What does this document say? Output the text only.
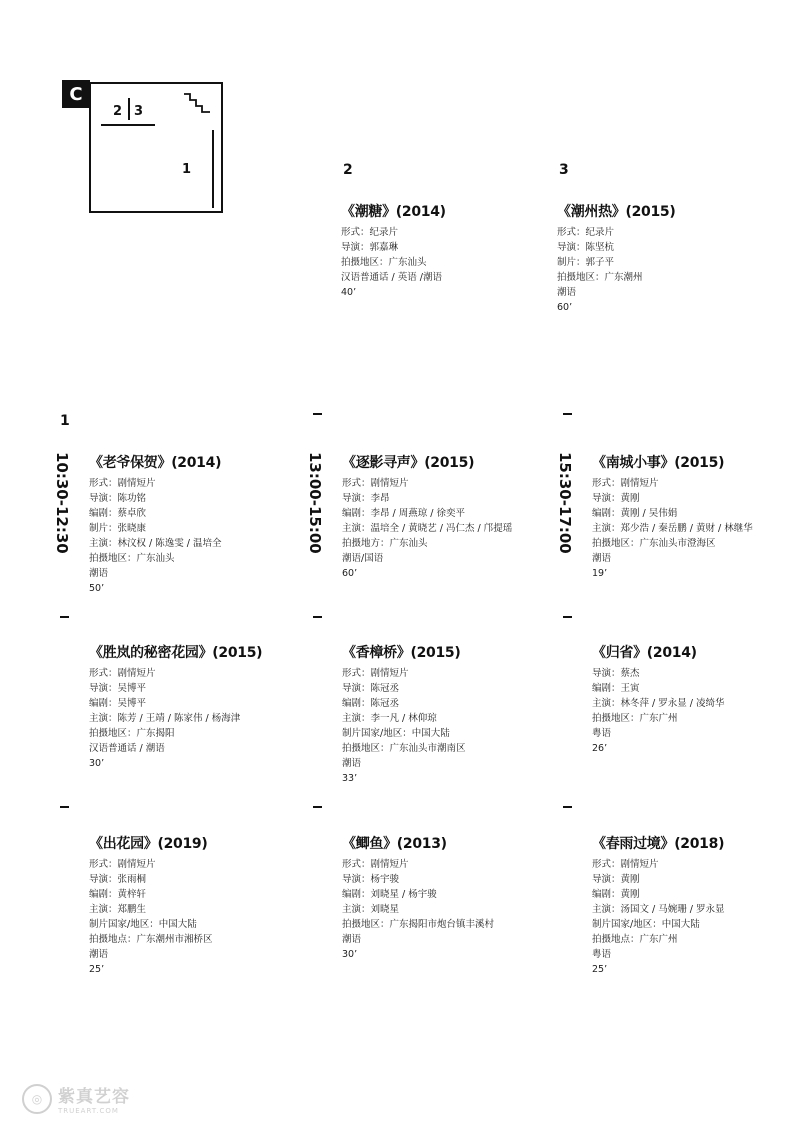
C
2 3
1	2	3
《潮糖》(2014)
形式：纪录片
导演：郭嘉琳
拍摄地区：广东汕头
汉语普通话 / 英语 /潮语
40’
《潮州热》(2015)
形式：纪录片
导演：陈坚杭
制片：郭子平
拍摄地区：广东潮州
潮语
60’
1
10:30-12:30	13:00-15:00	15:30-17:00
《老爷保贺》(2014)
形式：剧情短片
导演：陈功铭
编剧：蔡卓欣
制片：张晓康
主演：林汶权 / 陈逸雯 / 温培全
拍摄地区：广东汕头
潮语
50’
《逐影寻声》(2015)
形式：剧情短片
导演：李昂
编剧：李昂 / 周燕琼 / 徐奕平
主演：温培全 / 黄晓艺 / 冯仁杰 / 邝提瑶
拍摄地方：广东汕头
潮语/国语
60’
《南城小事》(2015)
形式：剧情短片
导演：黄刚
编剧：黄刚 / 吴伟娟
主演：郑少浩 / 秦岳鹏 / 黄财 / 林继华
拍摄地区：广东汕头市澄海区
潮语
19’
《胜岚的秘密花园》(2015)
形式：剧情短片
导演：吴博平
编剧：吴博平
主演：陈芳 / 王靖 / 陈家伟 / 杨海津
拍摄地区：广东揭阳
汉语普通话 / 潮语
30’
《香樟桥》(2015)
形式：剧情短片
导演：陈冠丞
编剧：陈冠丞
主演：李一凡 / 林仰琼
制片国家/地区：中国大陆
拍摄地区：广东汕头市潮南区
潮语
33’
《归省》(2014)
导演：蔡杰
编剧：王寅
主演：林冬萍 / 罗永显 / 凌绮华
拍摄地区：广东广州
粤语
26’
《出花园》(2019)
形式：剧情短片
导演：张雨桐
编剧：黄梓轩
主演：郑鹏生
制片国家/地区：中国大陆
拍摄地点：广东潮州市湘桥区
潮语
25’
《鲫鱼》(2013)
形式：剧情短片
导演：杨宇骏
编剧：刘晓星 / 杨宇骏
主演：刘晓星
拍摄地区：广东揭阳市炮台镇丰溪村
潮语
30’
《春雨过境》(2018)
形式：剧情短片
导演：黄刚
编剧：黄刚
主演：汤国文 / 马婉珊 / 罗永显
制片国家/地区：中国大陆
拍摄地点：广东广州
粤语
25’
◎ 紫真艺容
TRUEART.COM
